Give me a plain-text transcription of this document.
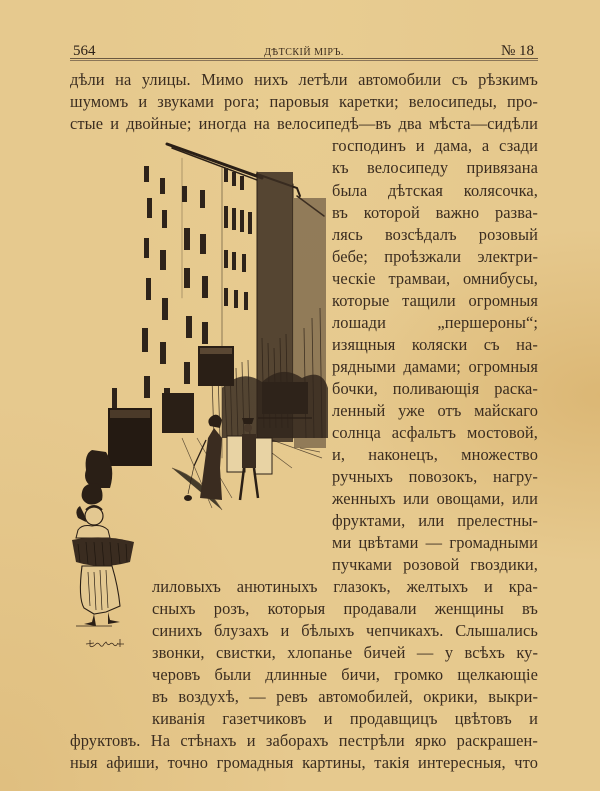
564	ДѢТСКІЙ МІРЪ.	№ 18
дѣли на улицы. Мимо нихъ летѣли автомобили съ рѣзкимъ
шумомъ и звуками рога; паровыя каретки; велосипеды, про-
стые и двойные; иногда на велосипедѣ—въ два мѣста—сидѣли
господинъ и дама, а сзади
къ велосипеду привязана
была дѣтская колясочка,
въ которой важно развa-
лясь возсѣдалъ розовый
бебе; проѣзжали электри-
ческіе трамваи, омнибусы,
которые тащили огромныя
лошади „першероны“;
изящныя коляски съ на-
рядными дамами; огромныя
бочки, поливающія раска-
ленный уже отъ майскаго
солнца асфальтъ мостовой,
и, наконецъ, множество
ручныхъ повозокъ, нагру-
женныхъ или овощами, или
фруктами, или прелестны-
ми цвѣтами — громадными
пучками розовой гвоздики,
лиловыхъ анютиныхъ глазокъ, желтыхъ и кра-
сныхъ розъ, которыя продавали женщины въ
синихъ блузахъ и бѣлыхъ чепчикахъ. Слышались
звонки, свистки, хлопанье бичей — у всѣхъ ку-
черовъ были длинные бичи, громко щелкающіе
въ воздухѣ, — ревъ автомобилей, окрики, выкри-
киванія газетчиковъ и продавщицъ цвѣтовъ и
фруктовъ. На стѣнахъ и заборахъ пестрѣли ярко раскрашен-
ныя афиши, точно громадныя картины, такія интересныя, что
